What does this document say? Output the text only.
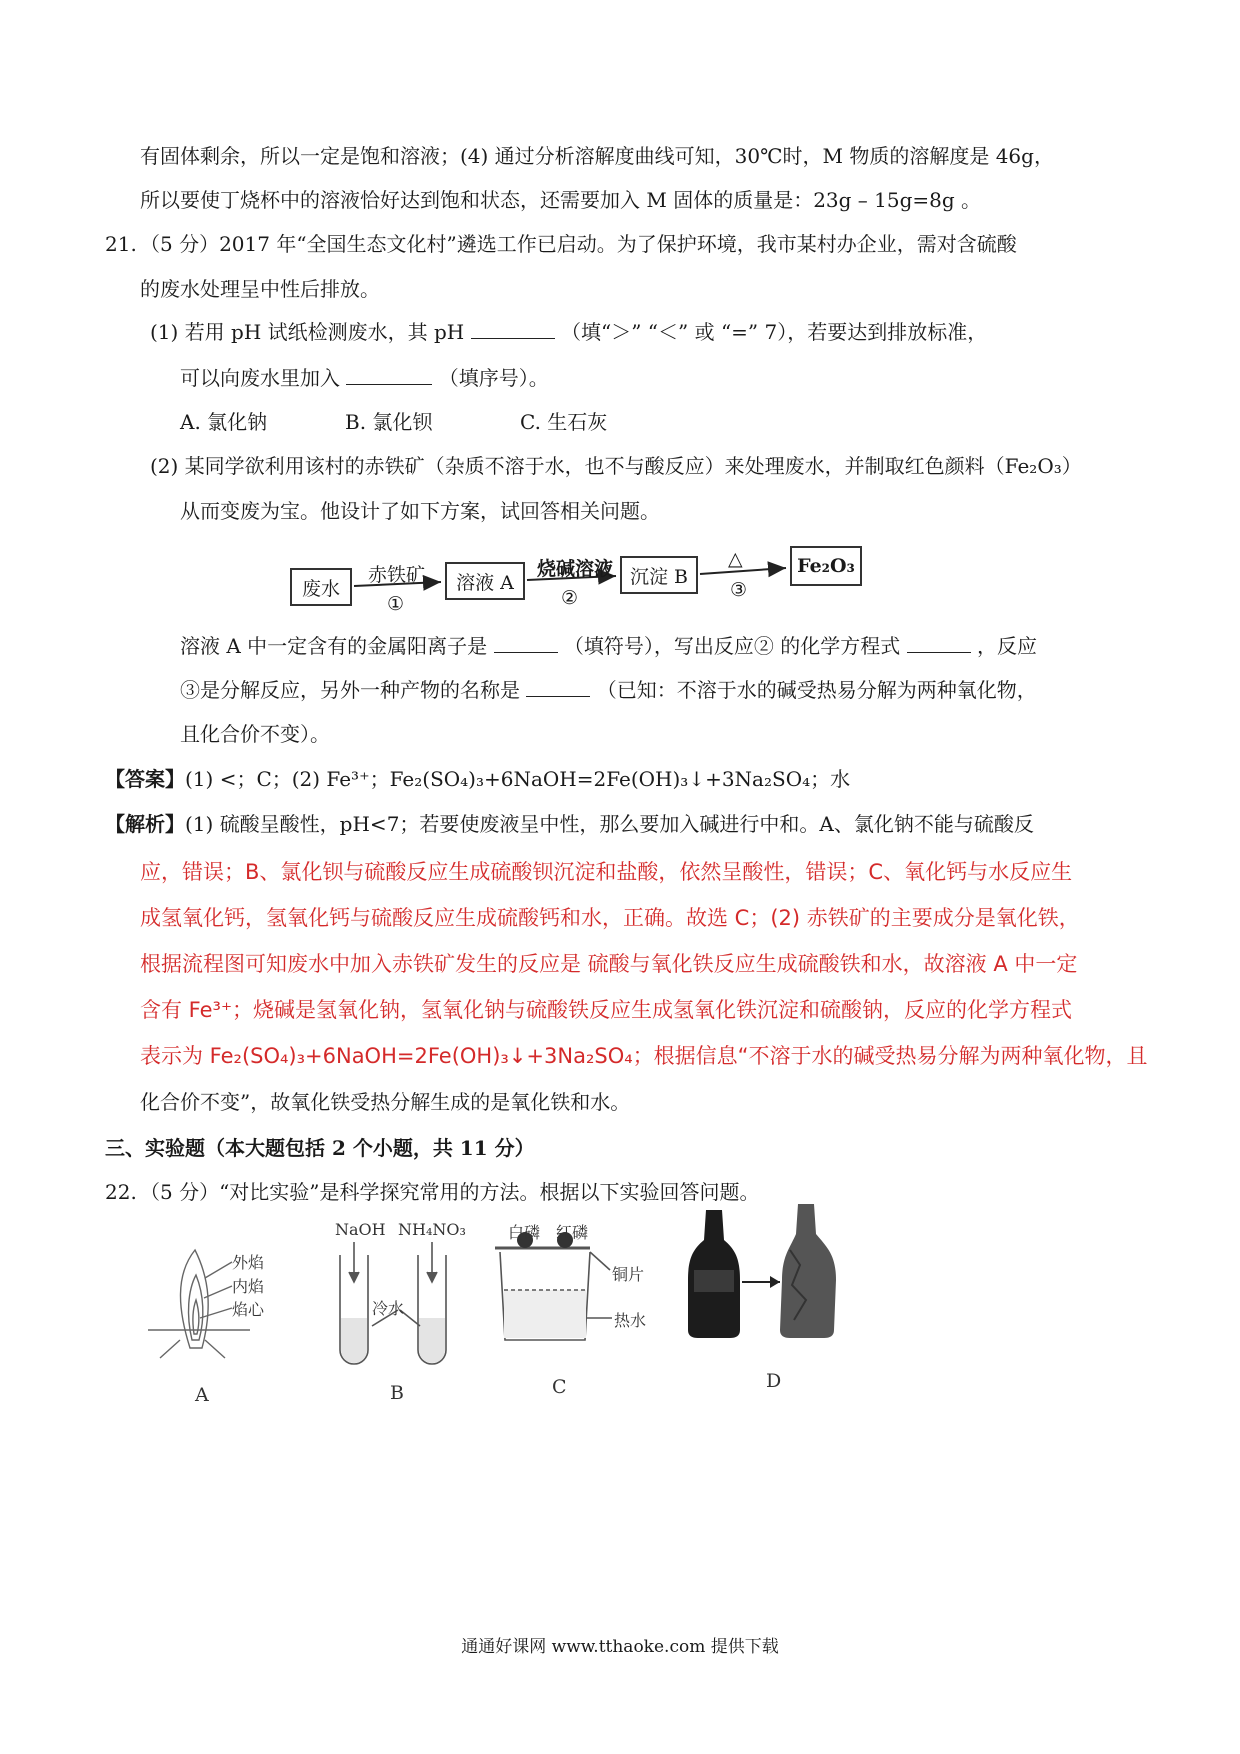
有固体剩余，所以一定是饱和溶液；(4) 通过分析溶解度曲线可知，30℃时，M 物质的溶解度是 46g，
所以要使丁烧杯中的溶液恰好达到饱和状态，还需要加入 M 固体的质量是：23g – 15g=8g 。
21. （5 分）2017 年“全国生态文化村”遴选工作已启动。为了保护环境，我市某村办企业，需对含硫酸
的废水处理呈中性后排放。
(1) 若用 pH 试纸检测废水，其 pH	（填“＞” “＜” 或 “=” 7），若要达到排放标准，
可以向废水里加入	（填序号）。
A. 氯化钠	B. 氯化钡	C. 生石灰
(2) 某同学欲利用该村的赤铁矿（杂质不溶于水，也不与酸反应）来处理废水，并制取红色颜料（Fe₂O₃）
从而变废为宝。他设计了如下方案，试回答相关问题。
废水	溶液 A	沉淀 B	Fe₂O₃
赤铁矿
①
烧碱溶液
②
△
③
溶液 A 中一定含有的金属阳离子是	（填符号），写出反应② 的化学方程式	，反应
③是分解反应，另外一种产物的名称是	（已知：不溶于水的碱受热易分解为两种氧化物，
且化合价不变）。
【答案】(1) <；C；(2) Fe³⁺；Fe₂(SO₄)₃+6NaOH=2Fe(OH)₃↓+3Na₂SO₄；水
【解析】(1) 硫酸呈酸性，pH<7；若要使废液呈中性，那么要加入碱进行中和。A、氯化钠不能与硫酸反
应，错误；B、氯化钡与硫酸反应生成硫酸钡沉淀和盐酸，依然呈酸性，错误；C、氧化钙与水反应生
成氢氧化钙，氢氧化钙与硫酸反应生成硫酸钙和水，正确。故选 C；(2) 赤铁矿的主要成分是氧化铁，
根据流程图可知废水中加入赤铁矿发生的反应是 硫酸与氧化铁反应生成硫酸铁和水，故溶液 A 中一定
含有 Fe³⁺；烧碱是氢氧化钠，氢氧化钠与硫酸铁反应生成氢氧化铁沉淀和硫酸钠，反应的化学方程式
表示为 Fe₂(SO₄)₃+6NaOH=2Fe(OH)₃↓+3Na₂SO₄；根据信息“不溶于水的碱受热易分解为两种氧化物，且
化合价不变”，故氧化铁受热分解生成的是氧化铁和水。
三、实验题（本大题包括 2 个小题，共 11 分）
22. （5 分）“对比实验”是科学探究常用的方法。根据以下实验回答问题。
外焰
内焰
焰心
A
NaOH NH₄NO₃
冷水
B
白磷 红磷
铜片
热水
C	D
通通好课网 www.tthaoke.com 提供下载
